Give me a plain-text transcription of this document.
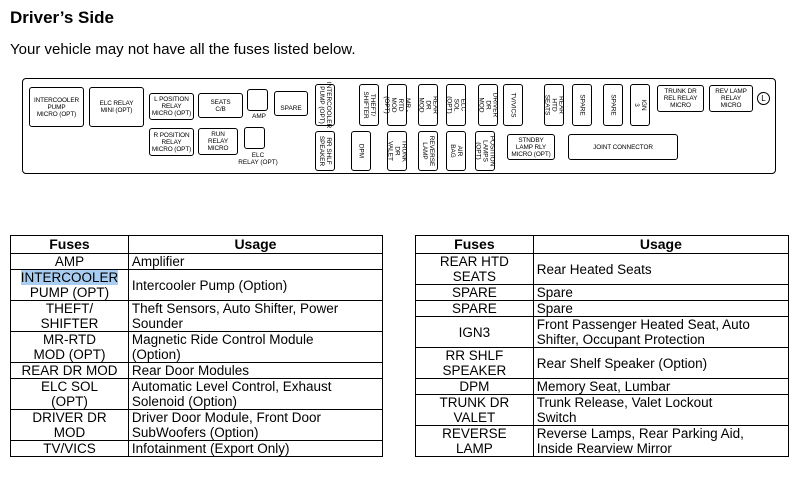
Driver’s Side
Your vehicle may not have all the fuses listed below.
INTERCOOLER
PUMP
MICRO (OPT)
ELC RELAY
MINI (OPT)
L POSITION
RELAY
MICRO (OPT)
R POSITION
RELAY
MICRO (OPT)
SEATS
C/B
RUN
RELAY
MICRO
AMP
ELC
RELAY (OPT)
SPARE	INTERCOOLER
PUMP (OPT)	THEFT/
SHIFTER	MR - RTD
MOD (OPT)	REAR DR
MOD	ELC
SOL (OPT)	DRIVER DR
MOD	TV/VICS	REAR HTD
SEATS	SPARE	SPARE	IGN 3
RR SHLF
SPEAKER	DPM	TRUNK DR
VALET	REVERSE
LAMP	AIR BAG	POSITION
LAMPS (OPT)
STNDBY
LAMP RLY
MICRO (OPT)
JOINT CONNECTOR
TRUNK DR
REL RELAY
MICRO
REV LAMP
RELAY
MICRO
L
Fuses	Usage
AMP	Amplifier
INTERCOOLER
PUMP (OPT)	Intercooler Pump (Option)
THEFT/
SHIFTER	Theft Sensors, Auto Shifter, Power
Sounder
MR-RTD
MOD (OPT)	Magnetic Ride Control Module
(Option)
REAR DR MOD	Rear Door Modules
ELC SOL
(OPT)	Automatic Level Control, Exhaust
Solenoid (Option)
DRIVER DR
MOD	Driver Door Module, Front Door
SubWoofers (Option)
TV/VICS	Infotainment (Export Only)
Fuses	Usage
REAR HTD
SEATS	Rear Heated Seats
SPARE	Spare
SPARE	Spare
IGN3	Front Passenger Heated Seat, Auto
Shifter, Occupant Protection
RR SHLF
SPEAKER	Rear Shelf Speaker (Option)
DPM	Memory Seat, Lumbar
TRUNK DR
VALET	Trunk Release, Valet Lockout
Switch
REVERSE
LAMP	Reverse Lamps, Rear Parking Aid,
Inside Rearview Mirror
